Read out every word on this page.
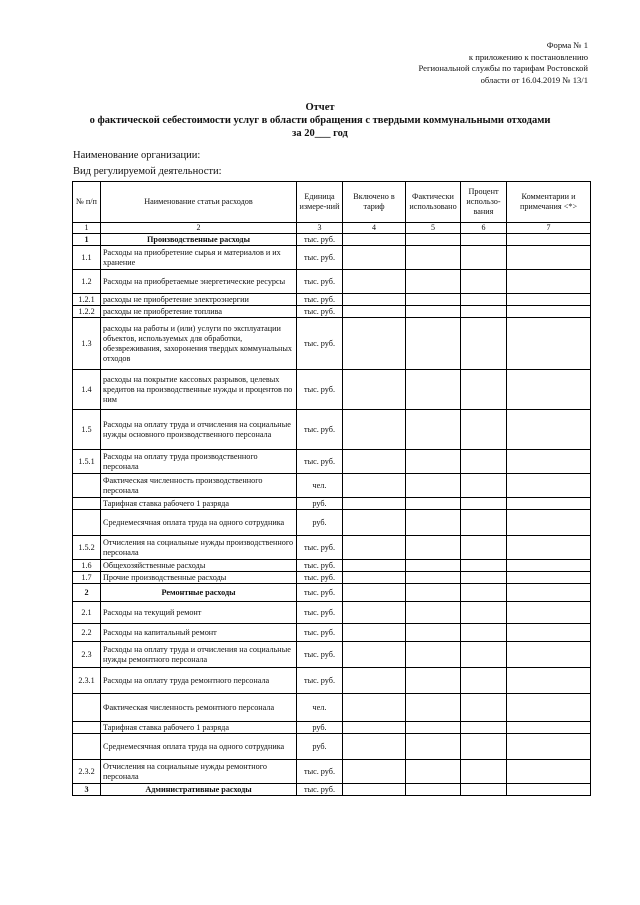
Форма № 1
к приложению к постановлению
Региональной службы по тарифам Ростовской
области от 16.04.2019 № 13/1
Отчет
о фактической себестоимости услуг в области обращения с твердыми коммунальными отходами
за 20___ год
Наименование организации:
Вид регулируемой деятельности:
№ п/п	Наименование статьи расходов	Единица измере-ний	Включено в тариф	Фактически использовано	Процент использо-вания	Комментарии и примечания <*>
1	2	3	4	5	6	7
1	Производственные расходы	тыс. руб.				
1.1	Расходы на приобретение сырья и материалов и их хранение	тыс. руб.				
1.2	Расходы на приобретаемые энергетические ресурсы	тыс. руб.				
1.2.1	расходы не приобретение электроэнергии	тыс. руб.				
1.2.2	расходы не приобретение топлива	тыс. руб.				
1.3	расходы на работы и (или) услуги по эксплуатации объектов, используемых для обработки, обезвреживания, захоронения твердых коммунальных отходов	тыс. руб.				
1.4	расходы на покрытие кассовых разрывов, целевых кредитов на производственные нужды и процентов по ним	тыс. руб.				
1.5	Расходы на оплату труда и отчисления на социальные нужды основного производственного персонала	тыс. руб.				
1.5.1	Расходы на оплату труда производственного персонала	тыс. руб.				
	Фактическая численность производственного персонала	чел.				
	Тарифная ставка рабочего 1 разряда	руб.				
	Среднемесячная оплата труда на одного сотрудника	руб.				
1.5.2	Отчисления на социальные нужды производственного персонала	тыс. руб.				
1.6	Общехозяйственные расходы	тыс. руб.				
1.7	Прочие производственные расходы	тыс. руб.				
2	Ремонтные расходы	тыс. руб.				
2.1	Расходы на текущий ремонт	тыс. руб.				
2.2	Расходы на капитальный ремонт	тыс. руб.				
2.3	Расходы на оплату труда и отчисления на социальные нужды ремонтного персонала	тыс. руб.				
2.3.1	Расходы на оплату труда ремонтного персонала	тыс. руб.				
	Фактическая численность ремонтного персонала	чел.				
	Тарифная ставка рабочего 1 разряда	руб.				
	Среднемесячная оплата труда на одного сотрудника	руб.				
2.3.2	Отчисления на социальные нужды ремонтного персонала	тыс. руб.				
3	Административные расходы	тыс. руб.				
